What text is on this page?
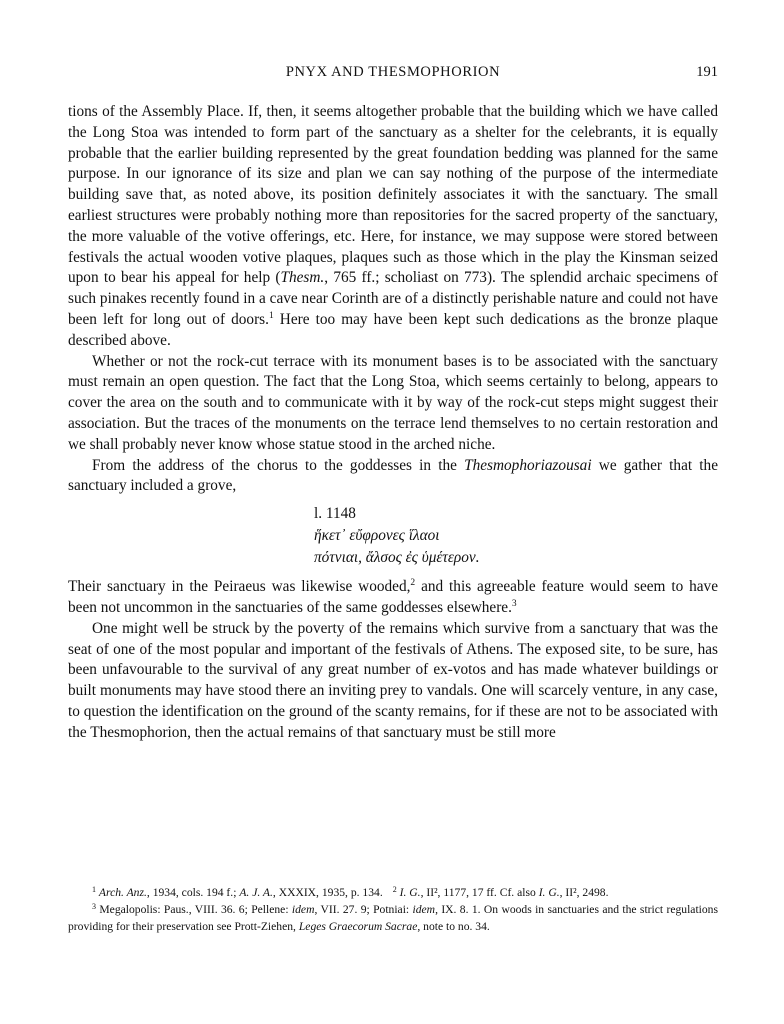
PNYX AND THESMOPHORION	191

tions of the Assembly Place. If, then, it seems altogether probable that the building which we have called the Long Stoa was intended to form part of the sanctuary as a shelter for the celebrants, it is equally probable that the earlier building represented by the great foundation bedding was planned for the same purpose. In our ignorance of its size and plan we can say nothing of the purpose of the intermediate building save that, as noted above, its position definitely associates it with the sanctuary. The small earliest structures were probably nothing more than repositories for the sacred property of the sanctuary, the more valuable of the votive offerings, etc. Here, for instance, we may suppose were stored between festivals the actual wooden votive plaques, plaques such as those which in the play the Kinsman seized upon to bear his appeal for help (Thesm., 765 ff.; scholiast on 773). The splendid archaic specimens of such pinakes recently found in a cave near Corinth are of a distinctly perishable nature and could not have been left for long out of doors.$^1$ Here too may have been kept such dedications as the bronze plaque described above.

Whether or not the rock-cut terrace with its monument bases is to be associated with the sanctuary must remain an open question. The fact that the Long Stoa, which seems certainly to belong, appears to cover the area on the south and to communicate with it by way of the rock-cut steps might suggest their association. But the traces of the monuments on the terrace lend themselves to no certain restoration and we shall probably never know whose statue stood in the arched niche.

From the address of the chorus to the goddesses in the Thesmophoriazousai we gather that the sanctuary included a grove,

l. 1148
ἥκετ᾽ εὔφρονες ἵλαοι
πότνιαι, ἄλσος ἐς ὑμέτερον.

Their sanctuary in the Peiraeus was likewise wooded,$^2$ and this agreeable feature would seem to have been not uncommon in the sanctuaries of the same goddesses elsewhere.$^3$

One might well be struck by the poverty of the remains which survive from a sanctuary that was the seat of one of the most popular and important of the festivals of Athens. The exposed site, to be sure, has been unfavourable to the survival of any great number of ex-votos and has made whatever buildings or built monuments may have stood there an inviting prey to vandals. One will scarcely venture, in any case, to question the identification on the ground of the scanty remains, for if these are not to be associated with the Thesmophorion, then the actual remains of that sanctuary must be still more

$^1$ Arch. Anz., 1934, cols. 194 f.; A. J. A., XXXIX, 1935, p. 134. $^2$ I. G., II², 1177, 17 ff. Cf. also I. G., II², 2498.

$^3$ Megalopolis: Paus., VIII. 36. 6; Pellene: idem, VII. 27. 9; Potniai: idem, IX. 8. 1. On woods in sanctuaries and the strict regulations providing for their preservation see Prott-Ziehen, Leges Graecorum Sacrae, note to no. 34.
